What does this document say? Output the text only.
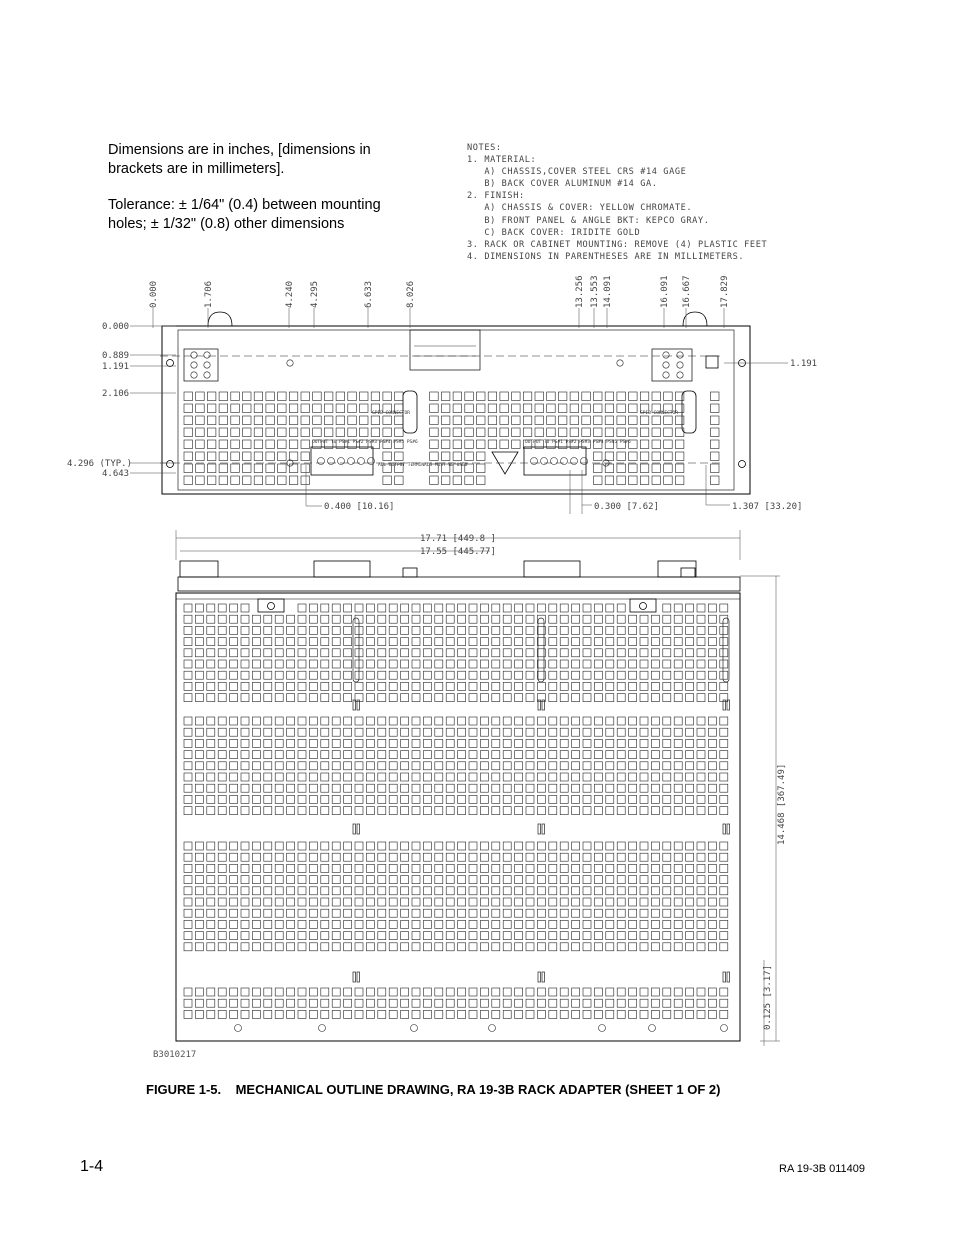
Dimensions are in inches, [dimensions in brackets are in millimeters].

Tolerance: ± 1/64" (0.4) between mounting holes; ± 1/32" (0.8) other dimensions

NOTES:
1. MATERIAL:
A) CHASSIS,COVER STEEL CRS #14 GAGE
B) BACK COVER ALUMINUM #14 GA.
2. FINISH:
A) CHASSIS & COVER: YELLOW CHROMATE.
B) FRONT PANEL & ANGLE BKT: KEPCO GRAY.
C) BACK COVER: IRIDITE GOLD
3. RACK OR CABINET MOUNTING: REMOVE (4) PLASTIC FEET
4. DIMENSIONS IN PARENTHESES ARE IN MILLIMETERS.
OUTPUT TO PS#1 PS#2 PS#3 PS#4 PS#5 PS#6	OUTPUT TO PS#1 PS#2 PS#3 PS#4 PS#5 PS#6
ALL OUTPUT TERMINALS MUST BE USED
GPIB CONNECTOR	GPIB CONNECTOR
0.000	1.706	4.240 4.295	6.633	8.026	13.256 13.553 14.091	16.091 16.667	17.829
0.000
0.889
1.191
2.106
4.296 (TYP.)
4.643
1.191
0.400 [10.16]	0.300 [7.62]	1.307 [33.20]
17.71 [449.8 ]
17.55 [445.77]
14.468 [367.49]
0.125 [3.17]
B3010217
FIGURE 1-5.    MECHANICAL OUTLINE DRAWING, RA 19-3B RACK ADAPTER (SHEET 1 OF 2)
1-4	RA 19-3B 011409
